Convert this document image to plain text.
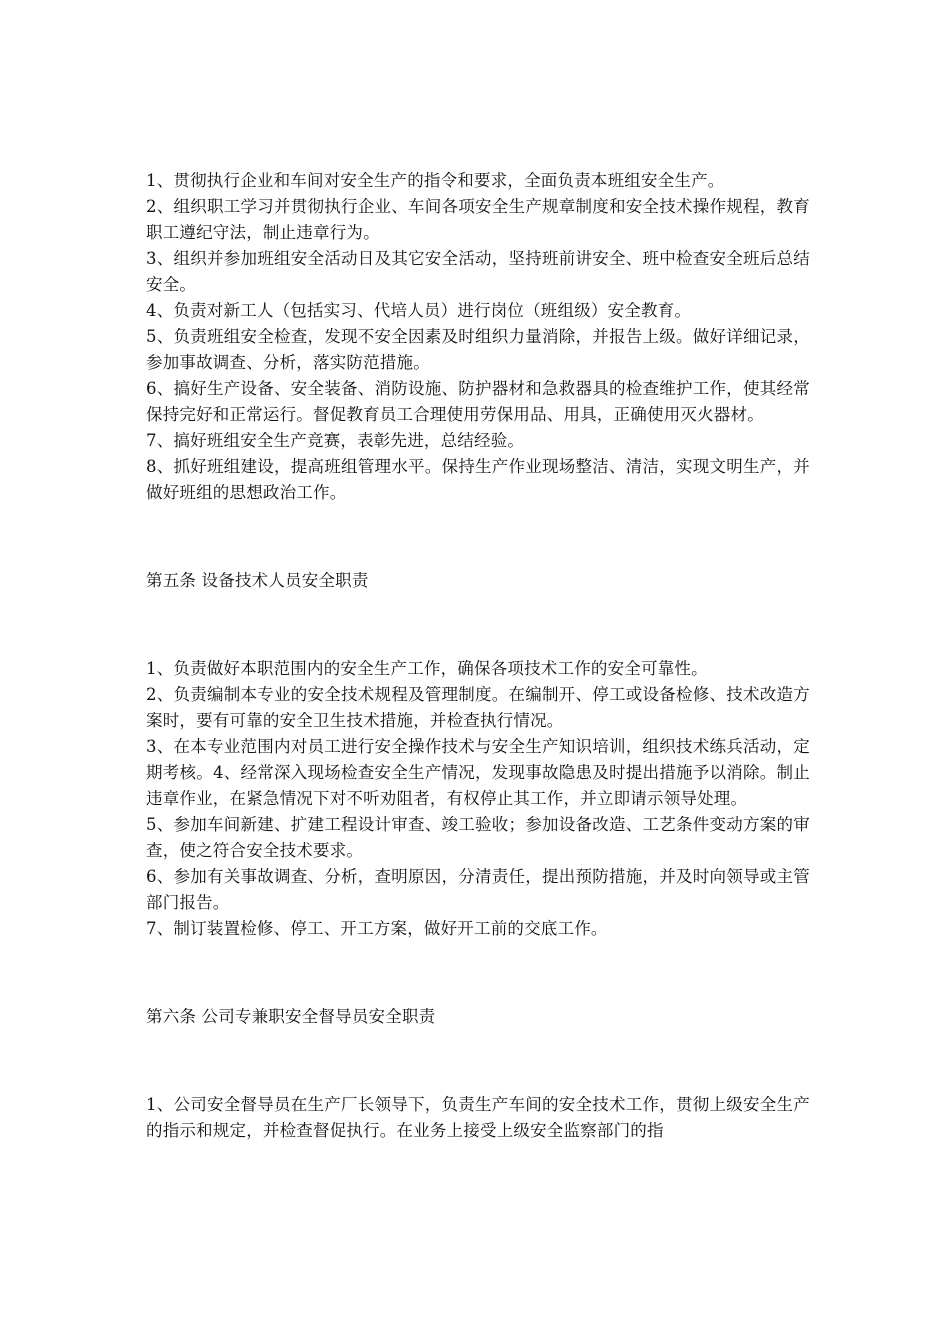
1、贯彻执行企业和车间对安全生产的指令和要求，全面负责本班组安全生产。

2、组织职工学习并贯彻执行企业、车间各项安全生产规章制度和安全技术操作规程，教育职工遵纪守法，制止违章行为。

3、组织并参加班组安全活动日及其它安全活动，坚持班前讲安全、班中检查安全班后总结安全。

4、负责对新工人（包括实习、代培人员）进行岗位（班组级）安全教育。

5、负责班组安全检查，发现不安全因素及时组织力量消除，并报告上级。做好详细记录，参加事故调查、分析，落实防范措施。

6、搞好生产设备、安全装备、消防设施、防护器材和急救器具的检查维护工作，使其经常保持完好和正常运行。督促教育员工合理使用劳保用品、用具，正确使用灭火器材。

7、搞好班组安全生产竞赛，表彰先进，总结经验。

8、抓好班组建设，提高班组管理水平。保持生产作业现场整洁、清洁，实现文明生产，并做好班组的思想政治工作。

第五条 设备技术人员安全职责

1、负责做好本职范围内的安全生产工作，确保各项技术工作的安全可靠性。

2、负责编制本专业的安全技术规程及管理制度。在编制开、停工或设备检修、技术改造方案时，要有可靠的安全卫生技术措施，并检查执行情况。

3、在本专业范围内对员工进行安全操作技术与安全生产知识培训，组织技术练兵活动，定期考核。4、经常深入现场检查安全生产情况，发现事故隐患及时提出措施予以消除。制止违章作业，在紧急情况下对不听劝阻者，有权停止其工作，并立即请示领导处理。

5、参加车间新建、扩建工程设计审查、竣工验收；参加设备改造、工艺条件变动方案的审查，使之符合安全技术要求。

6、参加有关事故调查、分析，查明原因，分清责任，提出预防措施，并及时向领导或主管部门报告。

7、制订装置检修、停工、开工方案，做好开工前的交底工作。

第六条 公司专兼职安全督导员安全职责

1、公司安全督导员在生产厂长领导下，负责生产车间的安全技术工作，贯彻上级安全生产的指示和规定，并检查督促执行。在业务上接受上级安全监察部门的指
